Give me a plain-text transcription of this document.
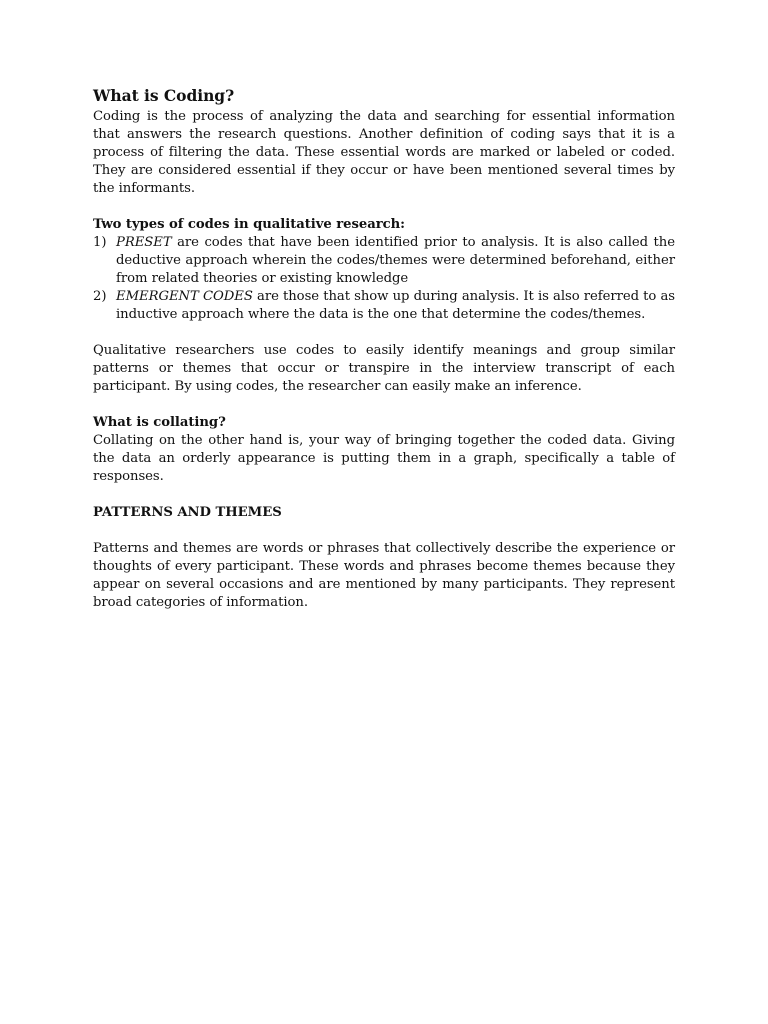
What is Coding?

Coding is the process of analyzing the data and searching for essential information that answers the research questions. Another definition of coding says that it is a process of filtering the data. These essential words are marked or labeled or coded. They are considered essential if they occur or have been mentioned several times by the informants.

Two types of codes in qualitative research:
1) PRESET are codes that have been identified prior to analysis. It is also called the deductive approach wherein the codes/themes were determined beforehand, either from related theories or existing knowledge
2) EMERGENT CODES are those that show up during analysis. It is also referred to as inductive approach where the data is the one that determine the codes/themes.

Qualitative researchers use codes to easily identify meanings and group similar patterns or themes that occur or transpire in the interview transcript of each participant. By using codes, the researcher can easily make an inference.

What is collating?

Collating on the other hand is, your way of bringing together the coded data. Giving the data an orderly appearance is putting them in a graph, specifically a table of responses.

PATTERNS AND THEMES

Patterns and themes are words or phrases that collectively describe the experience or thoughts of every participant. These words and phrases become themes because they appear on several occasions and are mentioned by many participants. They represent broad categories of information.
